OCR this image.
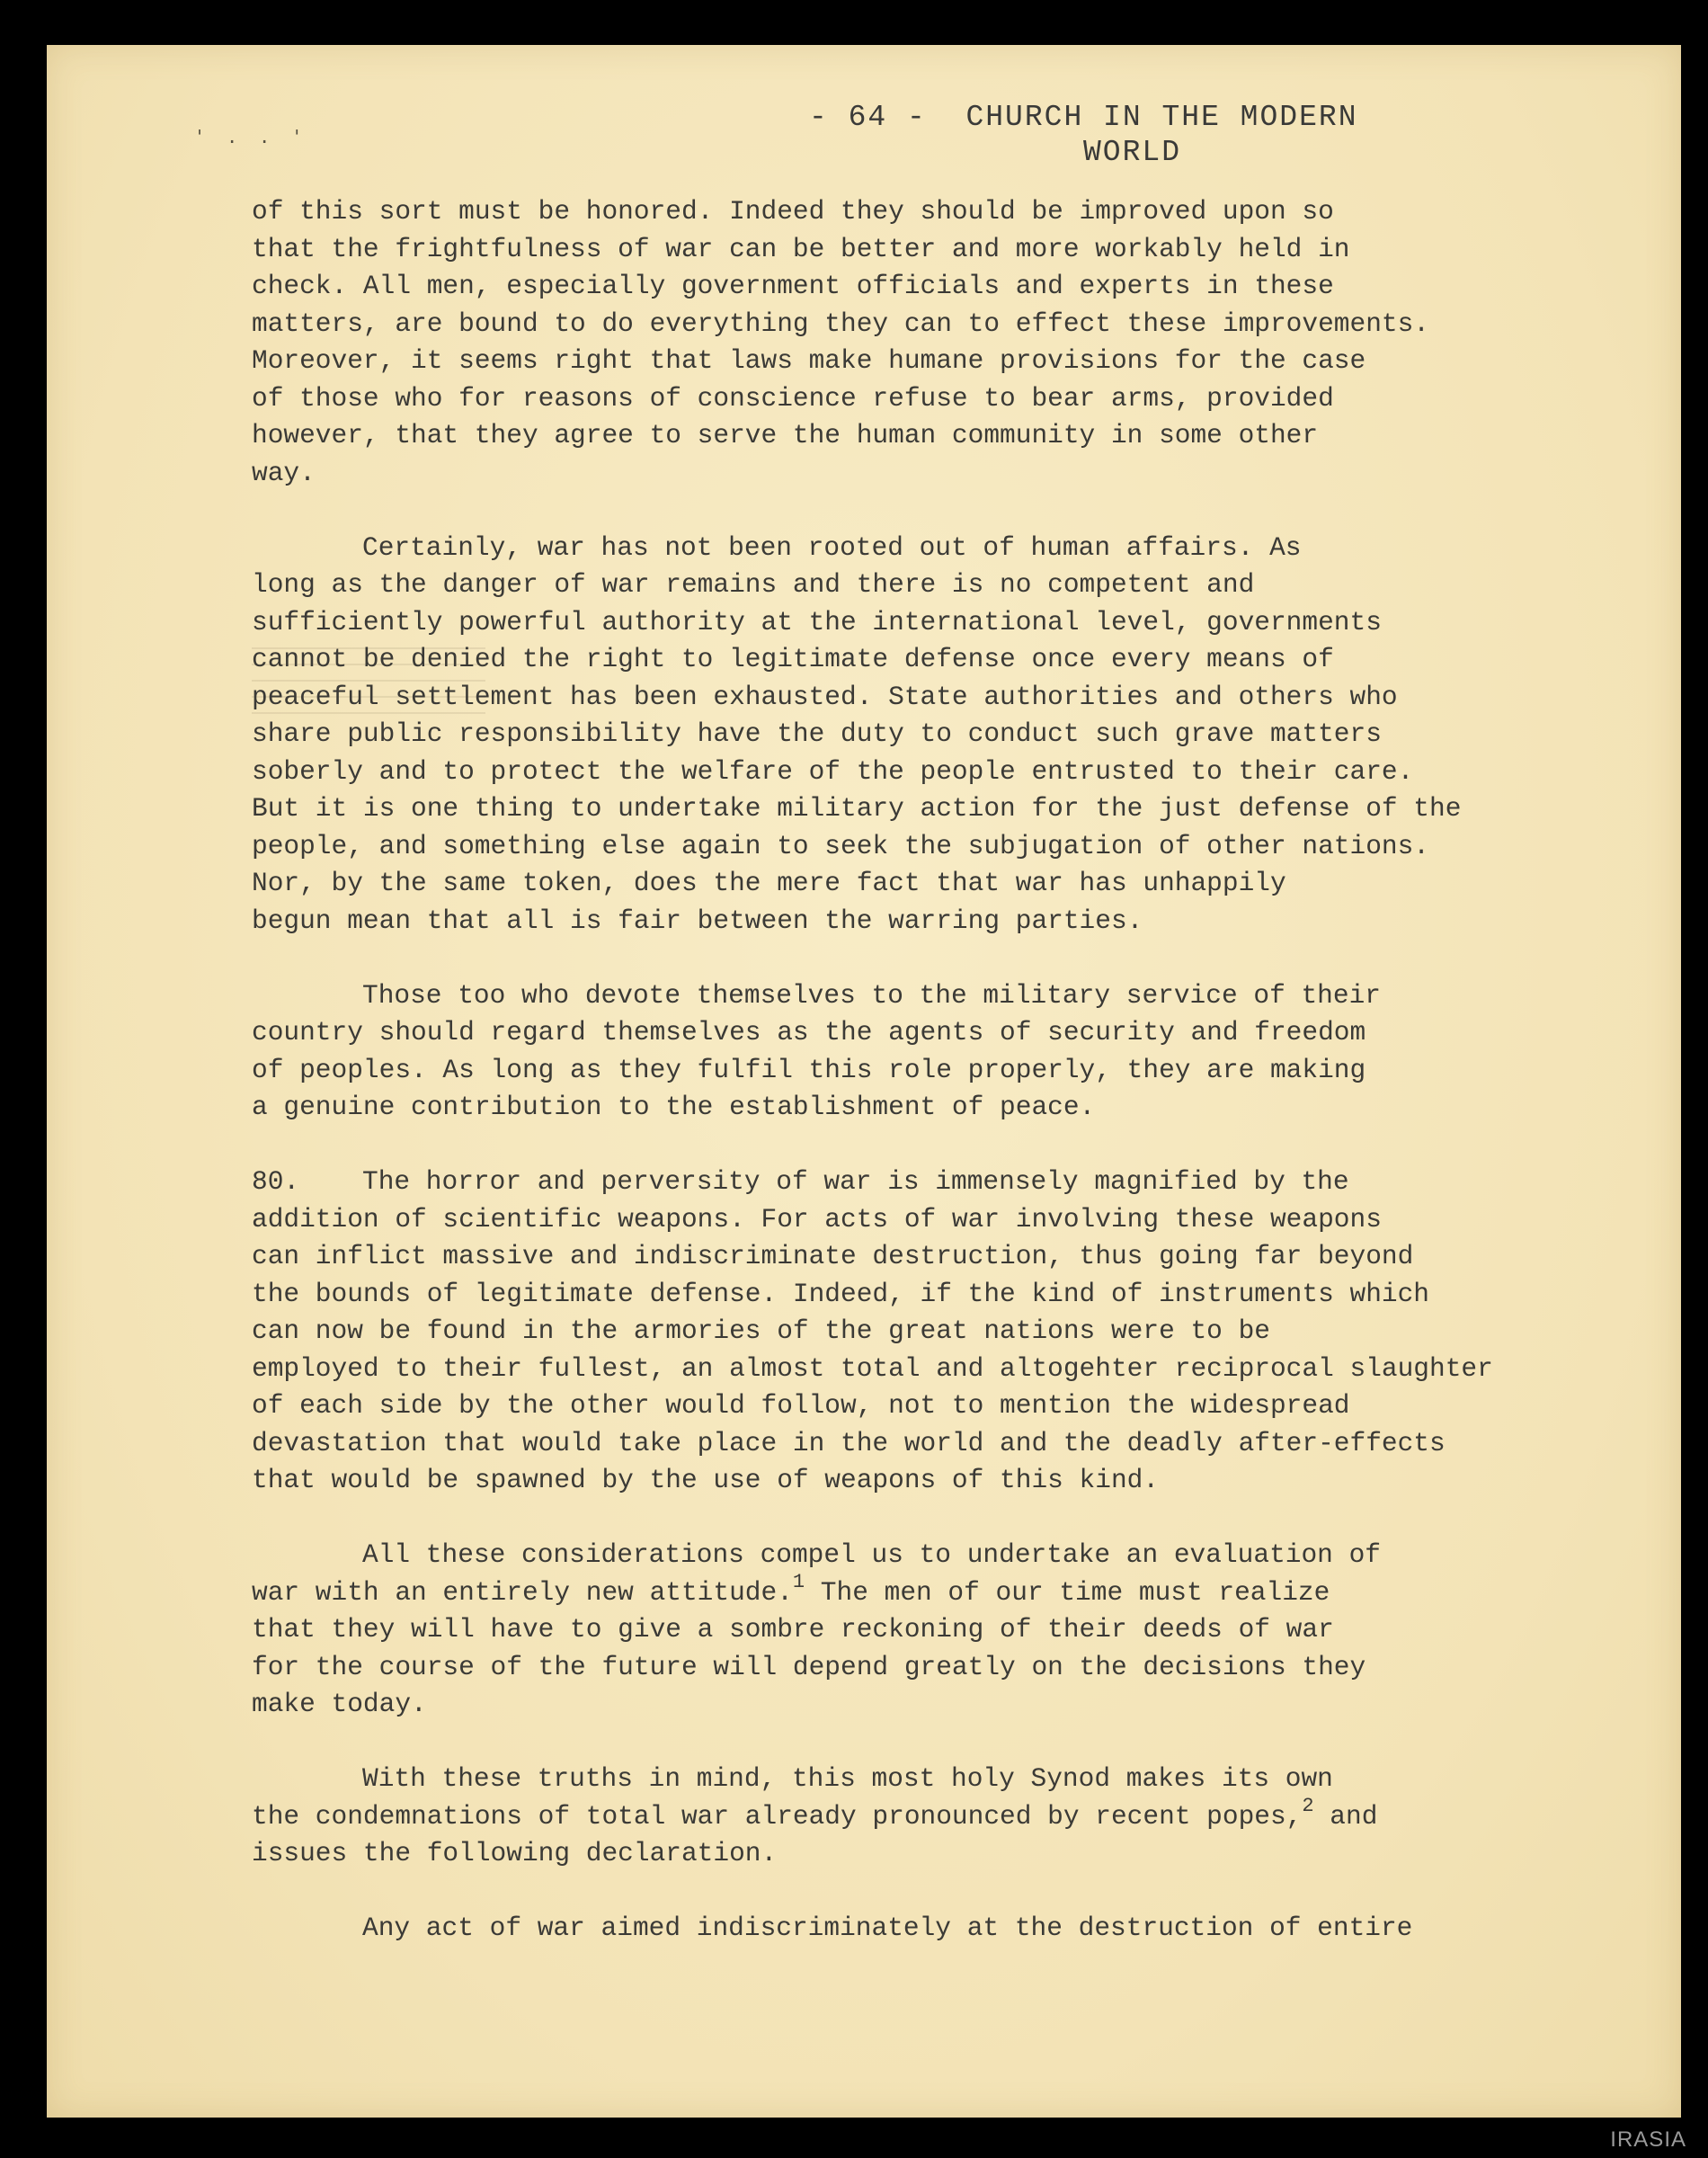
' . . '
- 64 - CHURCH IN THE MODERN
WORLD

of this sort must be honored. Indeed they should be improved upon so
that the frightfulness of war can be better and more workably held in
check. All men, especially government officials and experts in these
matters, are bound to do everything they can to effect these improvements.
Moreover, it seems right that laws make humane provisions for the case
of those who for reasons of conscience refuse to bear arms, provided
however, that they agree to serve the human community in some other
way.

Certainly, war has not been rooted out of human affairs. As
long as the danger of war remains and there is no competent and
sufficiently powerful authority at the international level, governments
cannot be denied the right to legitimate defense once every means of
peaceful settlement has been exhausted. State authorities and others who
share public responsibility have the duty to conduct such grave matters
soberly and to protect the welfare of the people entrusted to their care.
But it is one thing to undertake military action for the just defense of the
people, and something else again to seek the subjugation of other nations.
Nor, by the same token, does the mere fact that war has unhappily
begun mean that all is fair between the warring parties.

Those too who devote themselves to the military service of their
country should regard themselves as the agents of security and freedom
of peoples. As long as they fulfil this role properly, they are making
a genuine contribution to the establishment of peace.

80. The horror and perversity of war is immensely magnified by the
addition of scientific weapons. For acts of war involving these weapons
can inflict massive and indiscriminate destruction, thus going far beyond
the bounds of legitimate defense. Indeed, if the kind of instruments which
can now be found in the armories of the great nations were to be
employed to their fullest, an almost total and altogehter reciprocal slaughter
of each side by the other would follow, not to mention the widespread
devastation that would take place in the world and the deadly after-effects
that would be spawned by the use of weapons of this kind.

All these considerations compel us to undertake an evaluation of
war with an entirely new attitude.$^1$ The men of our time must realize
that they will have to give a sombre reckoning of their deeds of war
for the course of the future will depend greatly on the decisions they
make today.

With these truths in mind, this most holy Synod makes its own
the condemnations of total war already pronounced by recent popes,$^2$ and
issues the following declaration.

Any act of war aimed indiscriminately at the destruction of entire

IRASIA
